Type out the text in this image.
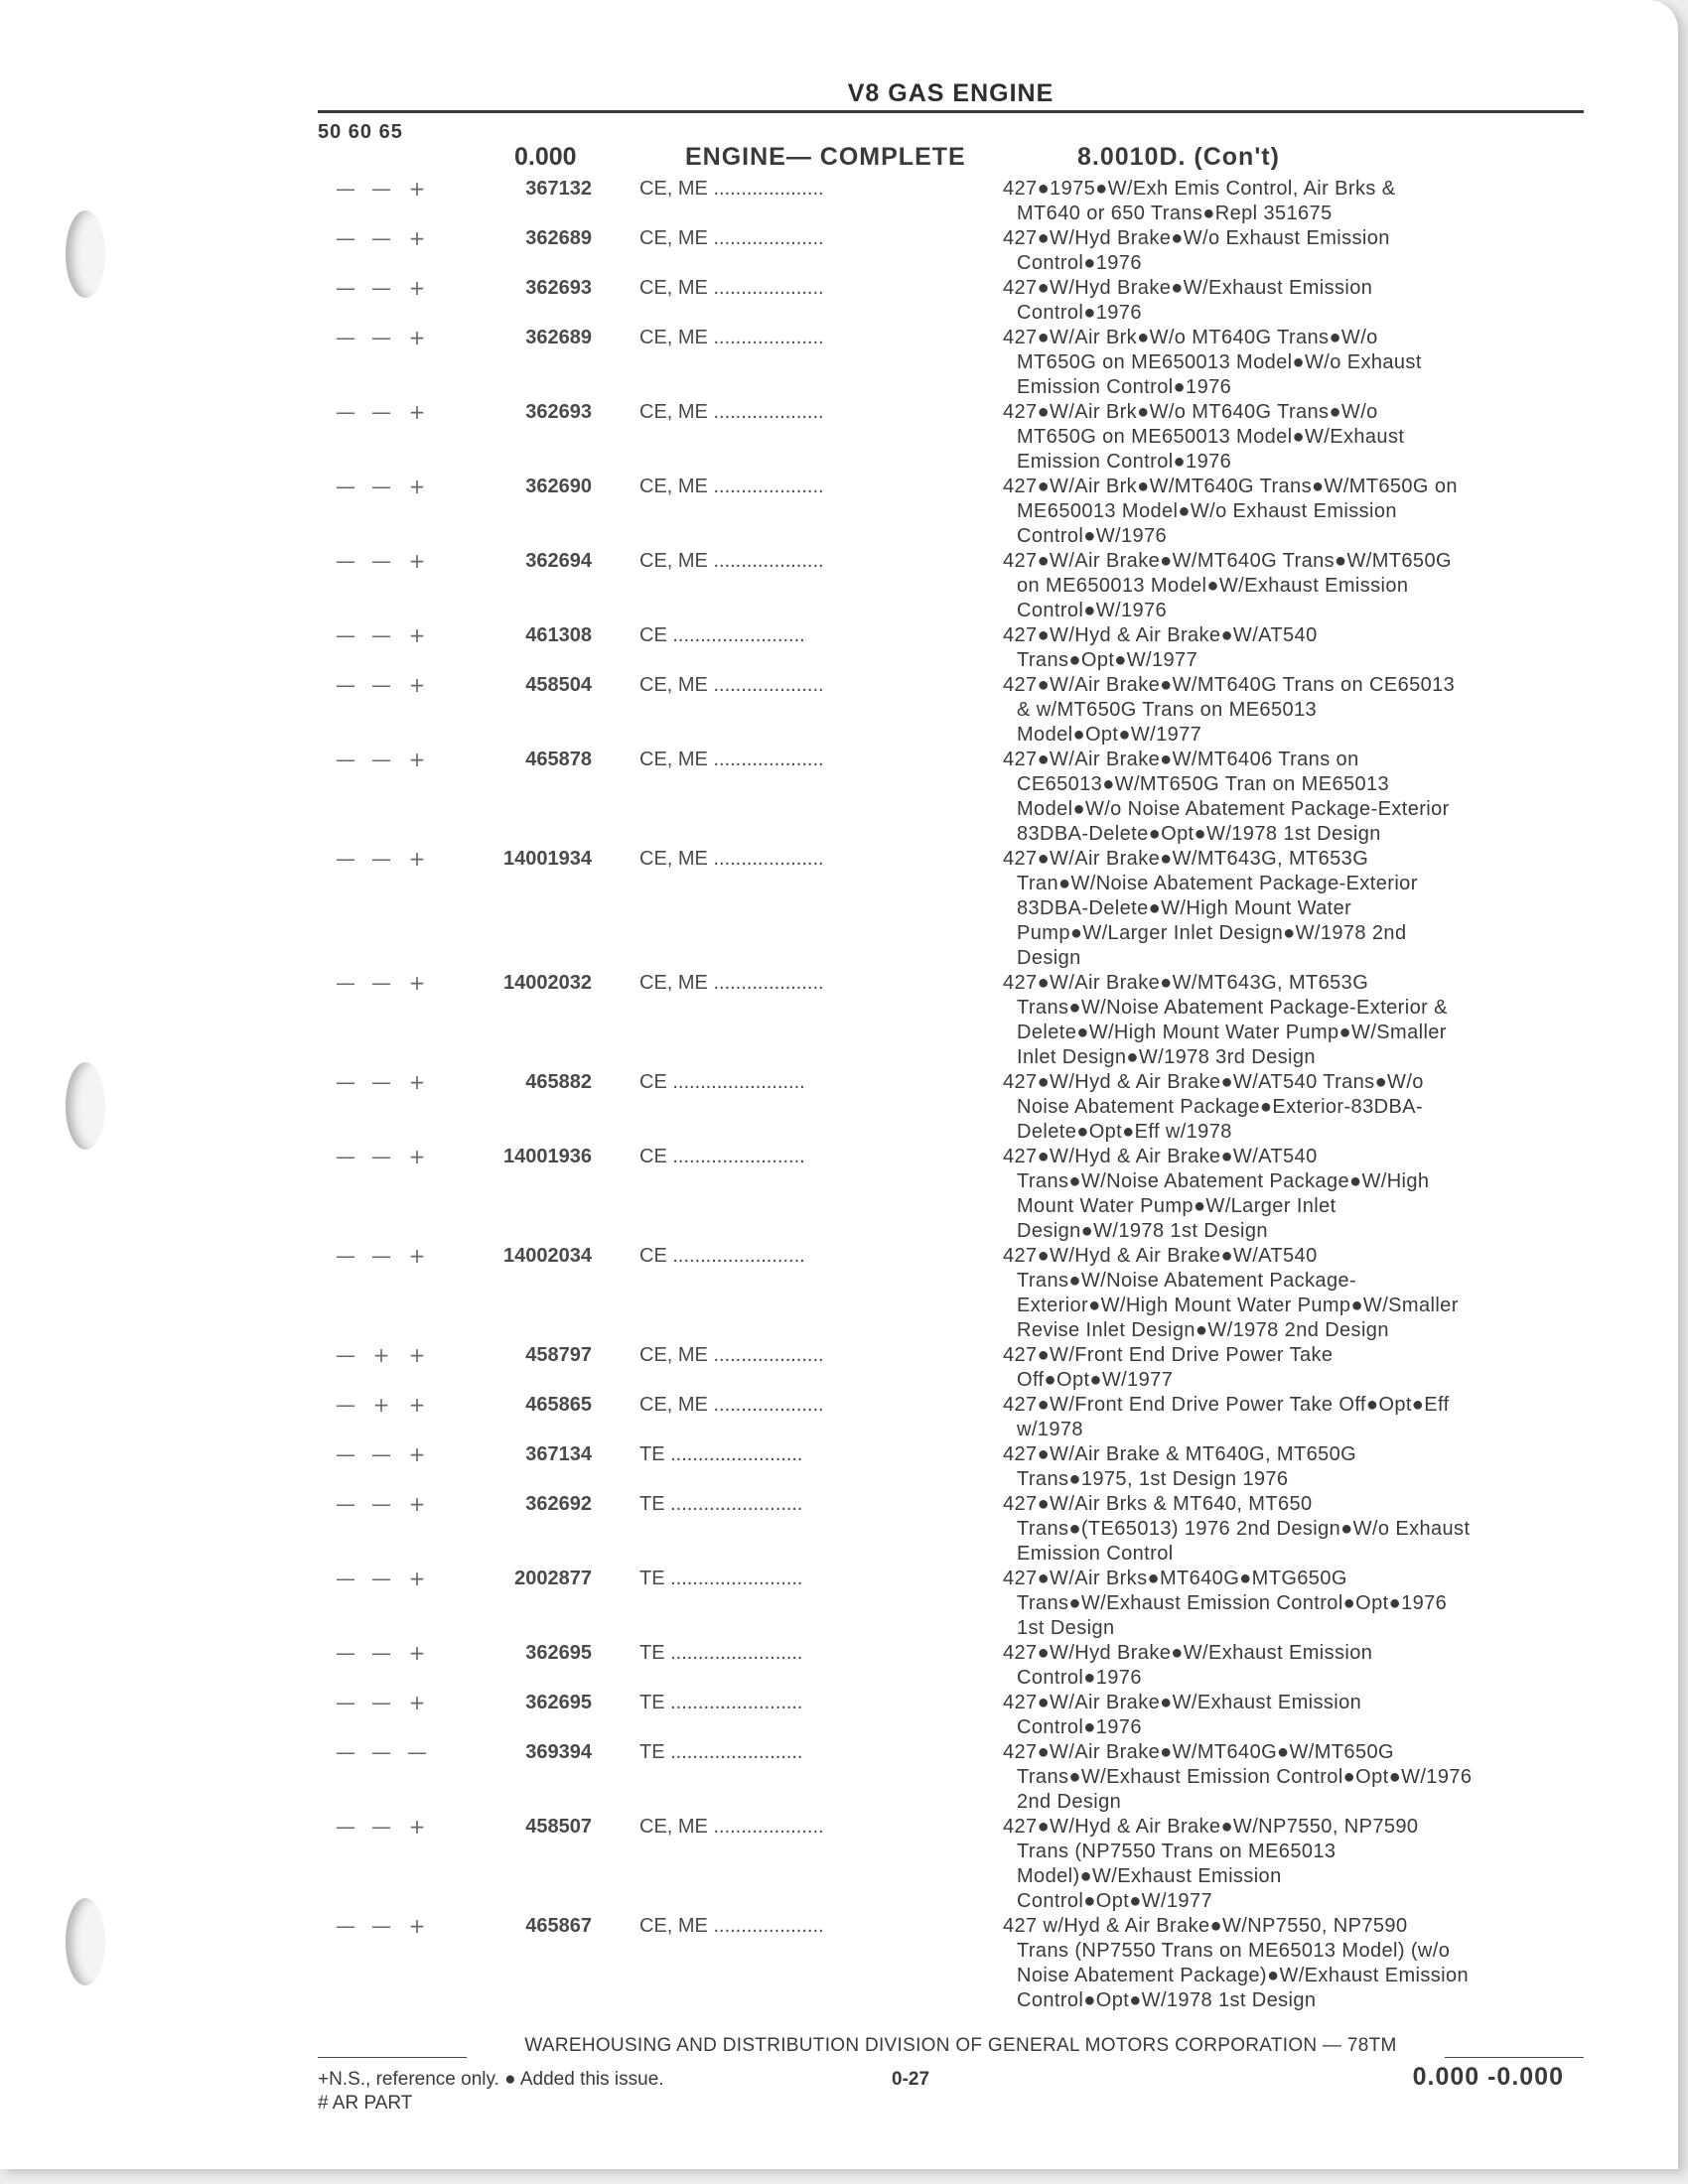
V8 GAS ENGINE
50 60 65
0.000	ENGINE— COMPLETE	8.0010D. (Con't)
— — +	367132 CE, ME ....................	427●1975●W/Exh Emis Control, Air Brks &
MT640 or 650 Trans●Repl 351675
— — +	362689 CE, ME ....................	427●W/Hyd Brake●W/o Exhaust Emission
Control●1976
— — +	362693 CE, ME ....................	427●W/Hyd Brake●W/Exhaust Emission
Control●1976
— — +	362689 CE, ME ....................	427●W/Air Brk●W/o MT640G Trans●W/o
MT650G on ME650013 Model●W/o Exhaust
Emission Control●1976
— — +	362693 CE, ME ....................	427●W/Air Brk●W/o MT640G Trans●W/o
MT650G on ME650013 Model●W/Exhaust
Emission Control●1976
— — +	362690 CE, ME ....................	427●W/Air Brk●W/MT640G Trans●W/MT650G on
ME650013 Model●W/o Exhaust Emission
Control●W/1976
— — +	362694 CE, ME ....................	427●W/Air Brake●W/MT640G Trans●W/MT650G
on ME650013 Model●W/Exhaust Emission
Control●W/1976
— — +	461308 CE ........................	427●W/Hyd & Air Brake●W/AT540
Trans●Opt●W/1977
— — +	458504 CE, ME ....................	427●W/Air Brake●W/MT640G Trans on CE65013
& w/MT650G Trans on ME65013
Model●Opt●W/1977
— — +	465878 CE, ME ....................	427●W/Air Brake●W/MT6406 Trans on
CE65013●W/MT650G Tran on ME65013
Model●W/o Noise Abatement Package-Exterior
83DBA-Delete●Opt●W/1978 1st Design
— — +	14001934 CE, ME ....................	427●W/Air Brake●W/MT643G, MT653G
Tran●W/Noise Abatement Package-Exterior
83DBA-Delete●W/High Mount Water
Pump●W/Larger Inlet Design●W/1978 2nd
Design
— — +	14002032 CE, ME ....................	427●W/Air Brake●W/MT643G, MT653G
Trans●W/Noise Abatement Package-Exterior &
Delete●W/High Mount Water Pump●W/Smaller
Inlet Design●W/1978 3rd Design
— — +	465882 CE ........................	427●W/Hyd & Air Brake●W/AT540 Trans●W/o
Noise Abatement Package●Exterior-83DBA-
Delete●Opt●Eff w/1978
— — +	14001936 CE ........................	427●W/Hyd & Air Brake●W/AT540
Trans●W/Noise Abatement Package●W/High
Mount Water Pump●W/Larger Inlet
Design●W/1978 1st Design
— — +	14002034 CE ........................	427●W/Hyd & Air Brake●W/AT540
Trans●W/Noise Abatement Package-
Exterior●W/High Mount Water Pump●W/Smaller
Revise Inlet Design●W/1978 2nd Design
— + +	458797 CE, ME ....................	427●W/Front End Drive Power Take
Off●Opt●W/1977
— + +	465865 CE, ME ....................	427●W/Front End Drive Power Take Off●Opt●Eff
w/1978
— — +	367134 TE ........................	427●W/Air Brake & MT640G, MT650G
Trans●1975, 1st Design 1976
— — +	362692 TE ........................	427●W/Air Brks & MT640, MT650
Trans●(TE65013) 1976 2nd Design●W/o Exhaust
Emission Control
— — +	2002877 TE ........................	427●W/Air Brks●MT640G●MTG650G
Trans●W/Exhaust Emission Control●Opt●1976
1st Design
— — +	362695 TE ........................	427●W/Hyd Brake●W/Exhaust Emission
Control●1976
— — +	362695 TE ........................	427●W/Air Brake●W/Exhaust Emission
Control●1976
— — —	369394 TE ........................	427●W/Air Brake●W/MT640G●W/MT650G
Trans●W/Exhaust Emission Control●Opt●W/1976
2nd Design
— — +	458507 CE, ME ....................	427●W/Hyd & Air Brake●W/NP7550, NP7590
Trans (NP7550 Trans on ME65013
Model)●W/Exhaust Emission
Control●Opt●W/1977
— — +	465867 CE, ME ....................	427 w/Hyd & Air Brake●W/NP7550, NP7590
Trans (NP7550 Trans on ME65013 Model) (w/o
Noise Abatement Package)●W/Exhaust Emission
Control●Opt●W/1978 1st Design
WAREHOUSING AND DISTRIBUTION DIVISION OF GENERAL MOTORS CORPORATION — 78TM
+N.S., reference only. ● Added this issue.
# AR PART
0-27	0.000 -0.000
